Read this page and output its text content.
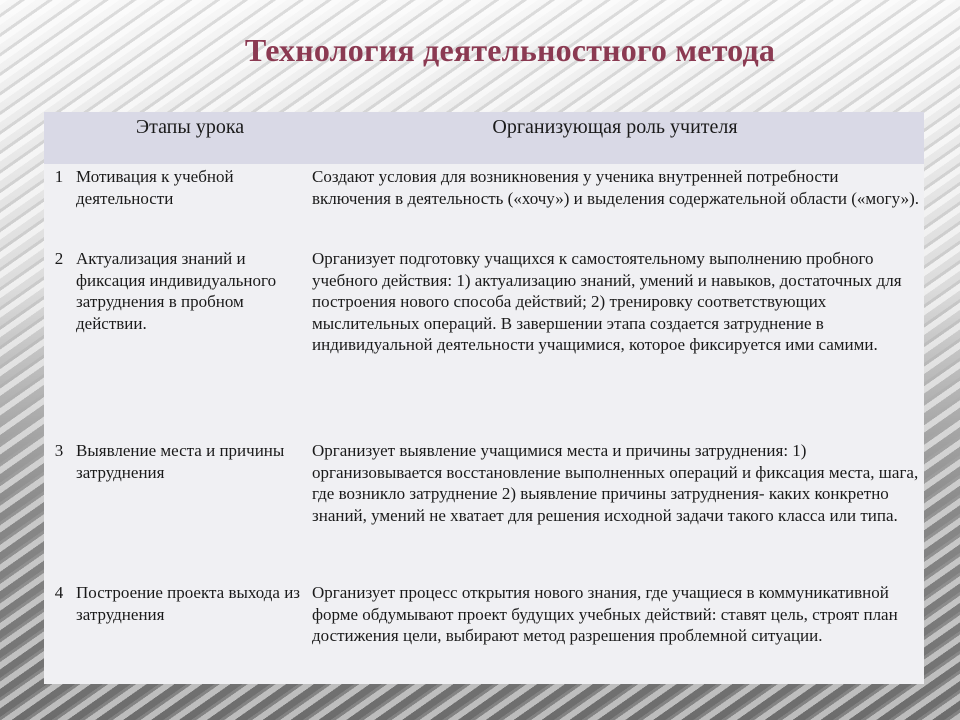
Технология деятельностного метода
	Этапы урока	Организующая роль учителя
1	Мотивация к учебной деятельности	Создают условия для возникновения у ученика внутренней потребности включения в деятельность («хочу») и выделения содержательной области («могу»).
2	Актуализация знаний и фиксация индивидуального затруднения в пробном действии.	Организует подготовку учащихся к самостоятельному выполнению пробного учебного действия: 1) актуализацию знаний, умений и навыков, достаточных для построения нового способа действий; 2) тренировку соответствующих мыслительных операций. В завершении этапа создается затруднение в индивидуальной деятельности учащимися, которое фиксируется ими самими.
3	Выявление места и причины затруднения	Организует выявление учащимися места и причины затруднения: 1) организовывается восстановление выполненных операций и фиксация места, шага, где возникло затруднение 2) выявление причины затруднения- каких конкретно знаний, умений не хватает для решения исходной задачи такого класса или типа.
4	Построение проекта выхода из затруднения	Организует процесс открытия нового знания, где учащиеся в коммуникативной форме обдумывают проект будущих учебных действий: ставят цель, строят план достижения цели, выбирают метод разрешения проблемной ситуации.
